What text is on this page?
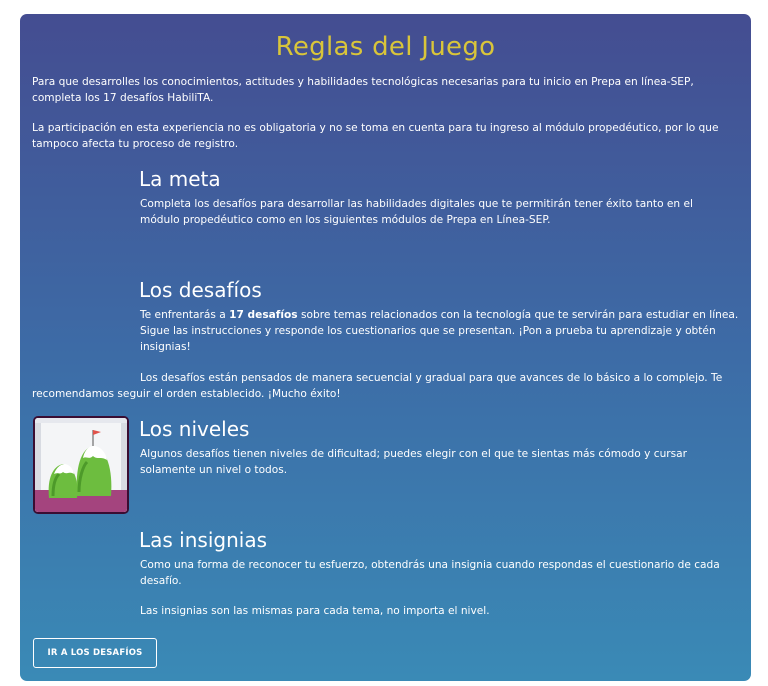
Reglas del Juego

Para que desarrolles los conocimientos, actitudes y habilidades tecnológicas necesarias para tu inicio en Prepa en línea-SEP, completa los 17 desafíos HabiliTA.

La participación en esta experiencia no es obligatoria y no se toma en cuenta para tu ingreso al módulo propedéutico, por lo que tampoco afecta tu proceso de registro.

La meta

Completa los desafíos para desarrollar las habilidades digitales que te permitirán tener éxito tanto en el módulo propedéutico como en los siguientes módulos de Prepa en Línea-SEP.

Los desafíos

Te enfrentarás a 17 desafíos sobre temas relacionados con la tecnología que te servirán para estudiar en línea. Sigue las instrucciones y responde los cuestionarios que se presentan. ¡Pon a prueba tu aprendizaje y obtén insignias!

Los desafíos están pensados de manera secuencial y gradual para que avances de lo básico a lo complejo. Te recomendamos seguir el orden establecido. ¡Mucho éxito!

Los niveles

Algunos desafíos tienen niveles de dificultad; puedes elegir con el que te sientas más cómodo y cursar solamente un nivel o todos.

Las insignias

Como una forma de reconocer tu esfuerzo, obtendrás una insignia cuando respondas el cuestionario de cada desafío.

Las insignias son las mismas para cada tema, no importa el nivel.

IR A LOS DESAFÍOS
